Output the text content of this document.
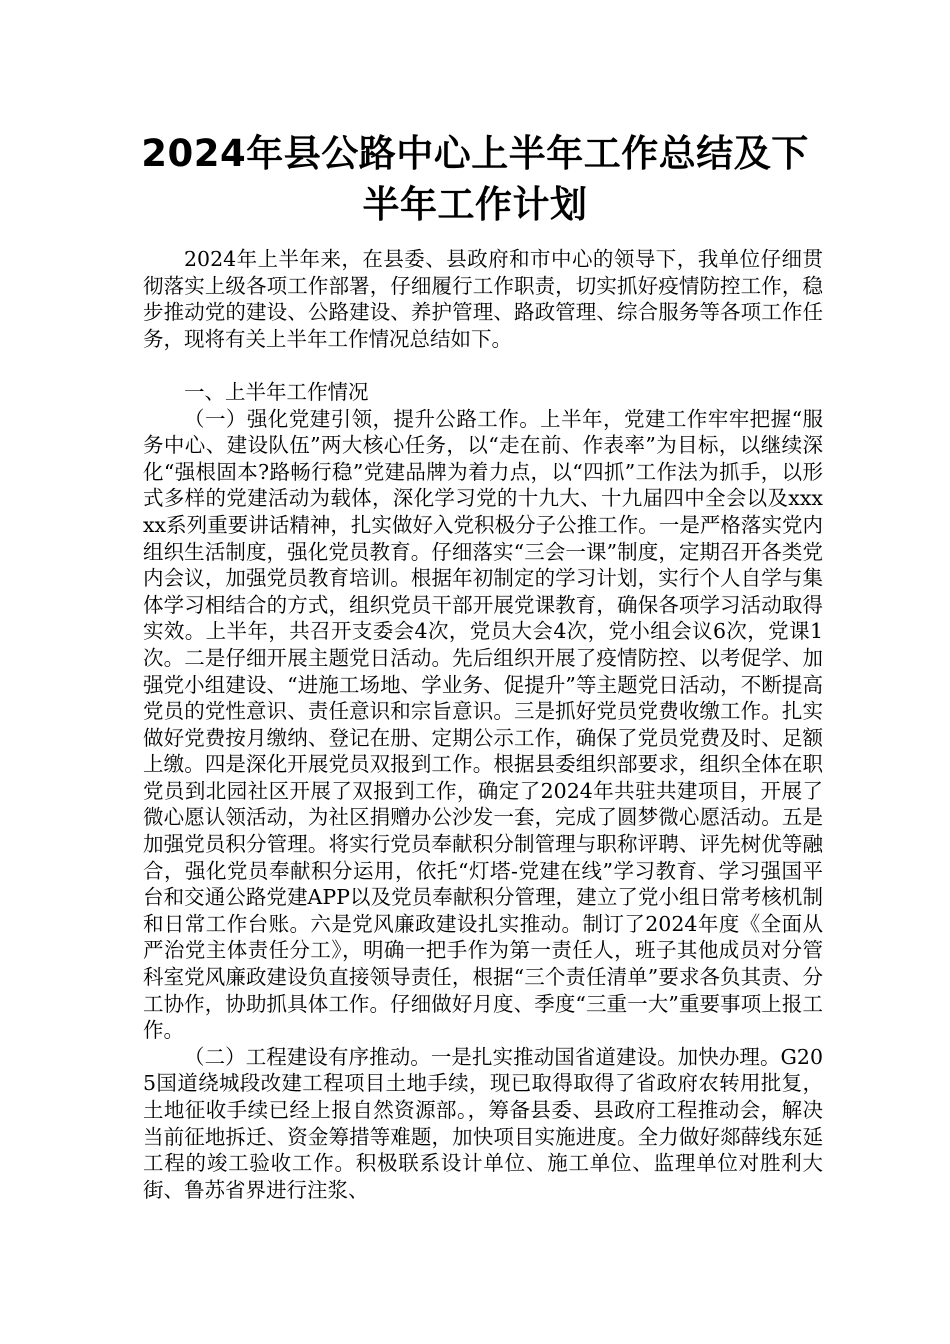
2024年县公路中心上半年工作总结及下
半年工作计划

2024年上半年来，在县委、县政府和市中心的领导下，我单位仔细贯彻落实上级各项工作部署，仔细履行工作职责，切实抓好疫情防控工作，稳步推动党的建设、公路建设、养护管理、路政管理、综合服务等各项工作任务，现将有关上半年工作情况总结如下。

一、上半年工作情况

（一）强化党建引领，提升公路工作。上半年，党建工作牢牢把握“服务中心、建设队伍”两大核心任务，以“走在前、作表率”为目标，以继续深化“强根固本?路畅行稳”党建品牌为着力点，以“四抓”工作法为抓手，以形式多样的党建活动为载体，深化学习党的十九大、十九届四中全会以及xxxxx系列重要讲话精神，扎实做好入党积极分子公推工作。一是严格落实党内组织生活制度，强化党员教育。仔细落实“三会一课”制度，定期召开各类党内会议，加强党员教育培训。根据年初制定的学习计划，实行个人自学与集体学习相结合的方式，组织党员干部开展党课教育，确保各项学习活动取得实效。上半年，共召开支委会4次，党员大会4次，党小组会议6次，党课1次。二是仔细开展主题党日活动。先后组织开展了疫情防控、以考促学、加强党小组建设、“进施工场地、学业务、促提升”等主题党日活动，不断提高党员的党性意识、责任意识和宗旨意识。三是抓好党员党费收缴工作。扎实做好党费按月缴纳、登记在册、定期公示工作，确保了党员党费及时、足额上缴。四是深化开展党员双报到工作。根据县委组织部要求，组织全体在职党员到北园社区开展了双报到工作，确定了2024年共驻共建项目，开展了微心愿认领活动，为社区捐赠办公沙发一套，完成了圆梦微心愿活动。五是加强党员积分管理。将实行党员奉献积分制管理与职称评聘、评先树优等融合，强化党员奉献积分运用，依托“灯塔-党建在线”学习教育、学习强国平台和交通公路党建APP以及党员奉献积分管理，建立了党小组日常考核机制和日常工作台账。六是党风廉政建设扎实推动。制订了2024年度《全面从严治党主体责任分工》，明确一把手作为第一责任人，班子其他成员对分管科室党风廉政建设负直接领导责任，根据“三个责任清单”要求各负其责、分工协作，协助抓具体工作。仔细做好月度、季度“三重一大”重要事项上报工作。

（二）工程建设有序推动。一是扎实推动国省道建设。加快办理。G205国道绕城段改建工程项目土地手续，现已取得取得了省政府农转用批复，土地征收手续已经上报自然资源部。，筹备县委、县政府工程推动会，解决当前征地拆迁、资金筹措等难题，加快项目实施进度。全力做好郯薛线东延工程的竣工验收工作。积极联系设计单位、施工单位、监理单位对胜利大街、鲁苏省界进行注浆、
